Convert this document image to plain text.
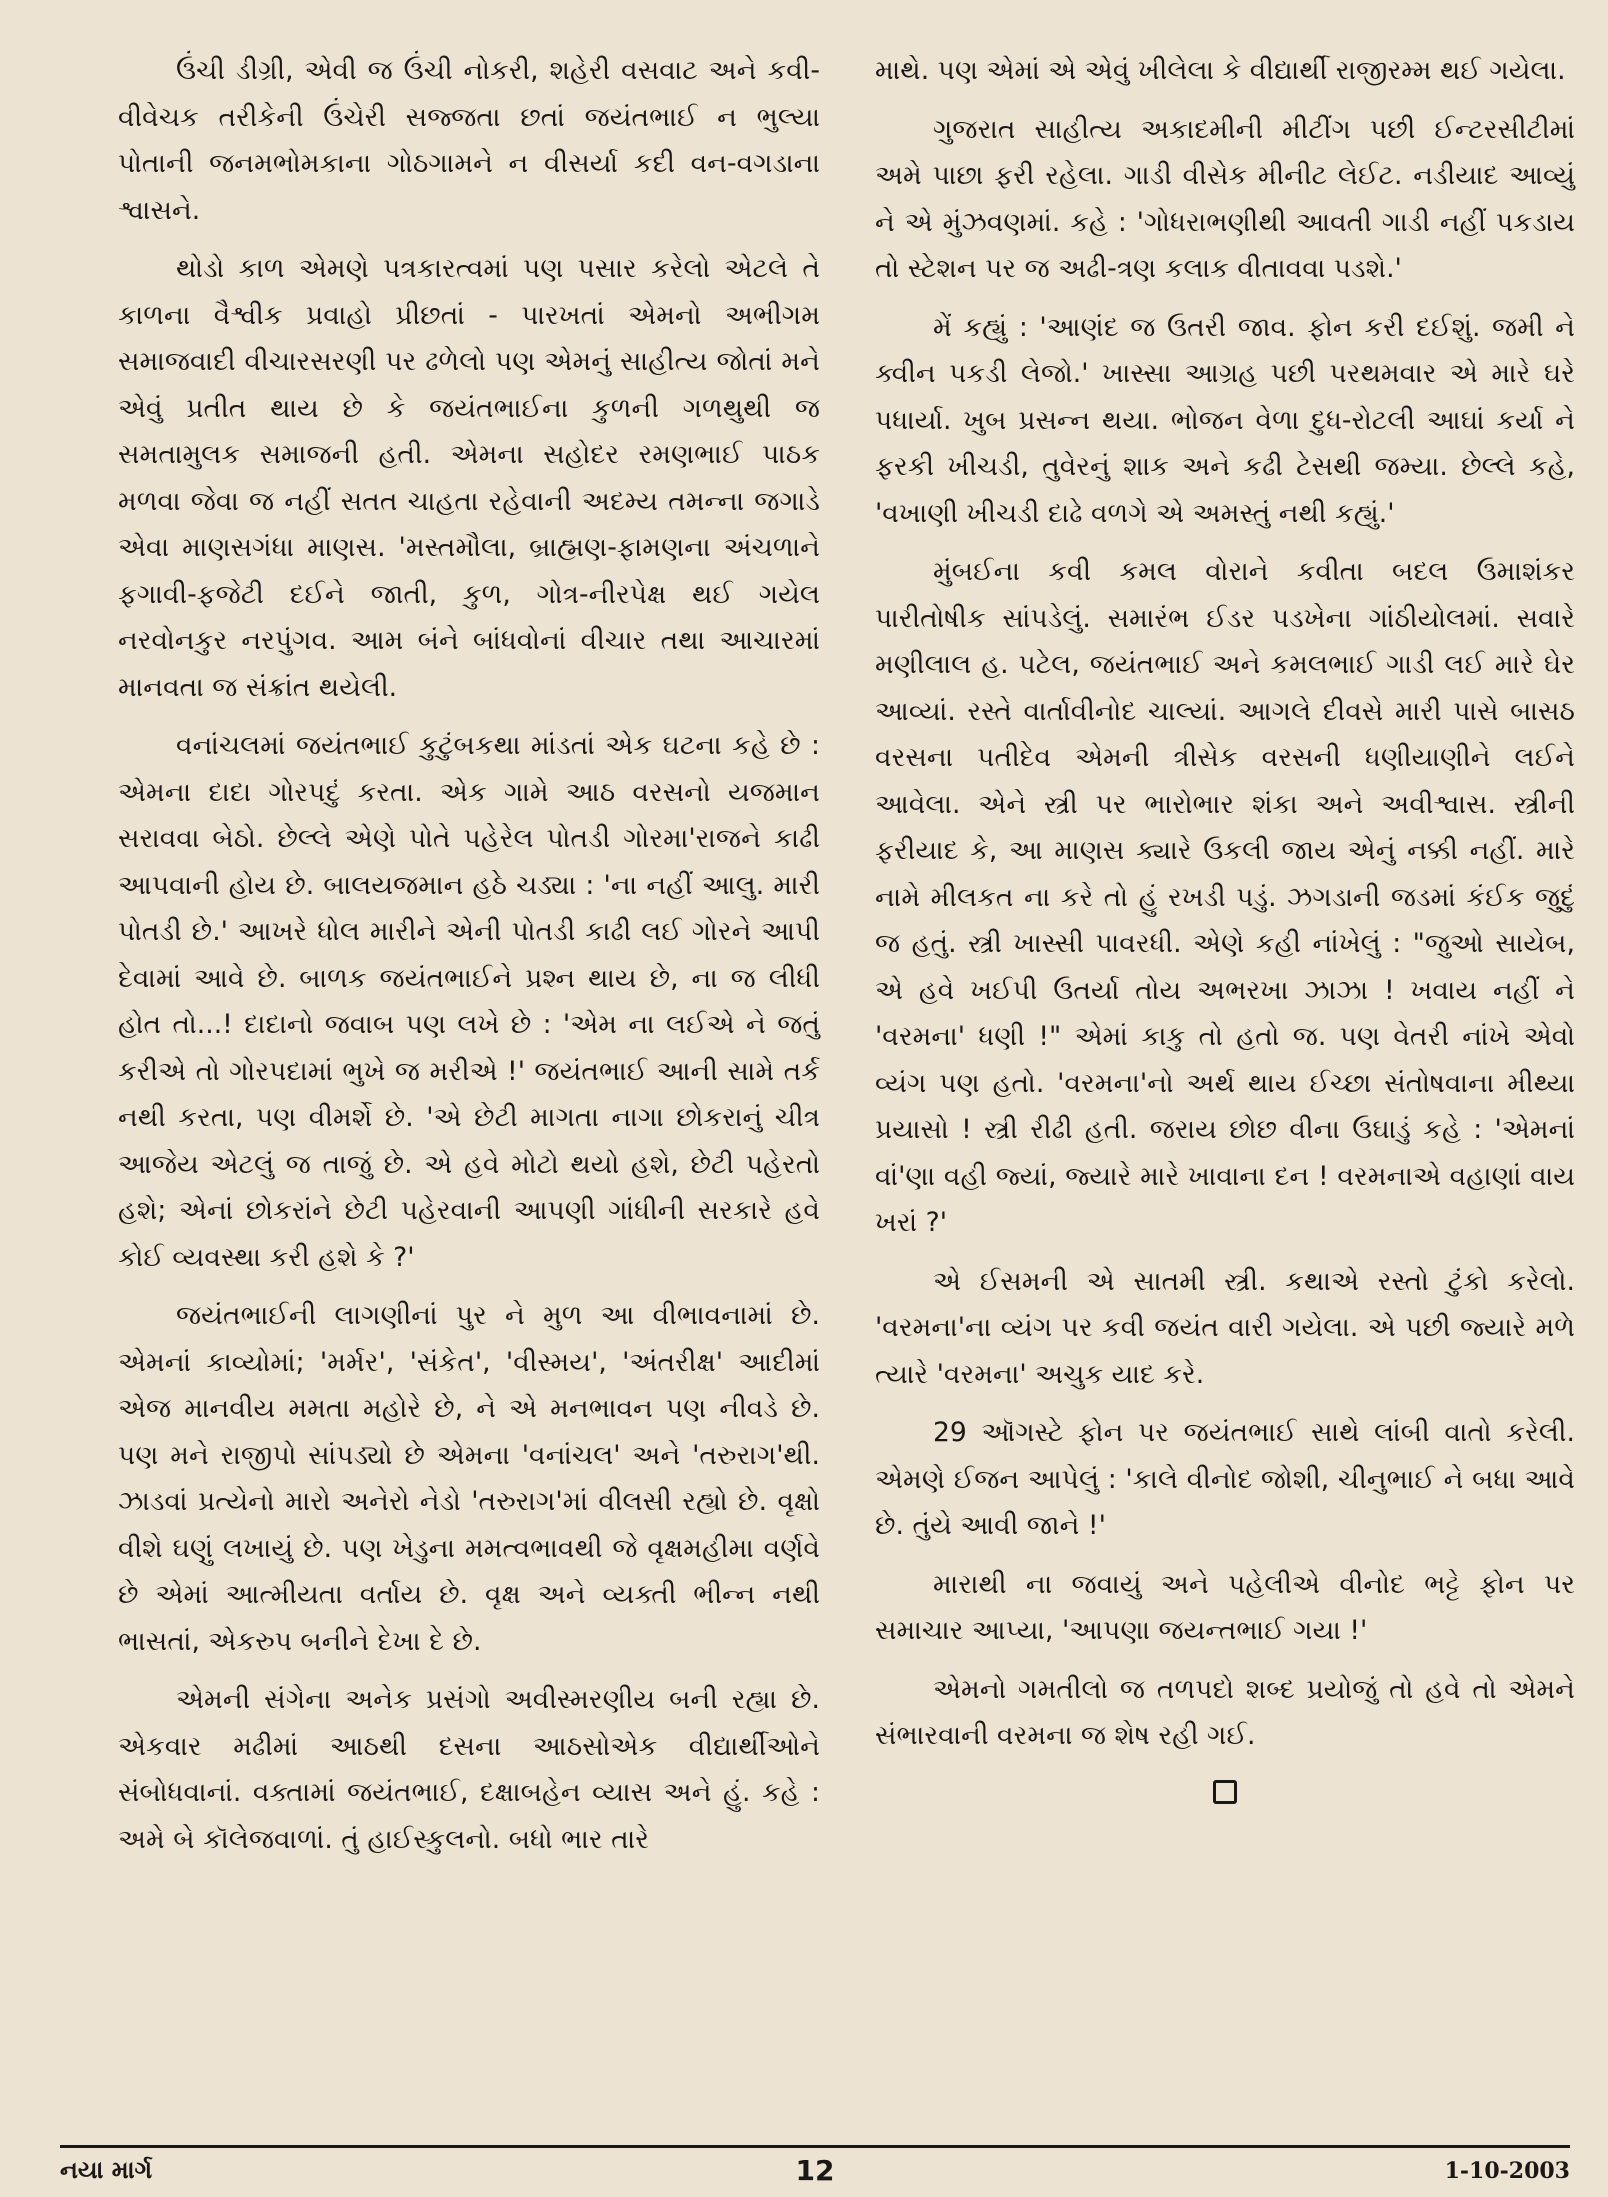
ઉંચી ડીગ્રી, એવી જ ઉંચી નોકરી, શહેરી વસવાટ અને કવી-વીવેચક તરીકેની ઉંચેરી સજ્જતા છતાં જયંતભાઈ ન ભુલ્યા પોતાની જનમભોમકાના ગોઠગામને ન વીસર્યા કદી વન-વગડાના શ્વાસને.

થોડો કાળ એમણે પત્રકારત્વમાં પણ પસાર કરેલો એટલે તે કાળના વૈશ્વીક પ્રવાહો પ્રીછતાં - પારખતાં એમનો અભીગમ સમાજવાદી વીચારસરણી પર ઢળેલો પણ એમનું સાહીત્ય જોતાં મને એવું પ્રતીત થાય છે કે જયંતભાઈના કુળની ગળથુથી જ સમતામુલક સમાજની હતી. એમના સહોદર રમણભાઈ પાઠક મળવા જેવા જ નહીં સતત ચાહતા રહેવાની અદમ્ય તમન્ના જગાડે એવા માણસગંધા માણસ. 'મસ્તમૌલા, બ્રાહ્મણ-ફામણના અંચળાને ફગાવી-ફજેટી દઈને જાતી, કુળ, ગોત્ર-નીરપેક્ષ થઈ ગયેલ નરવોનકુર નરપુંગવ. આમ બંને બાંધવોનાં વીચાર તથા આચારમાં માનવતા જ સંક્રાંત થયેલી.

વનાંચલમાં જયંતભાઈ કુટુંબકથા માંડતાં એક ઘટના કહે છે : એમના દાદા ગોરપદું કરતા. એક ગામે આઠ વરસનો યજમાન સરાવવા બેઠો. છેલ્લે એણે પોતે પહેરેલ પોતડી ગોરમા'રાજને કાઢી આપવાની હોય છે. બાલયજમાન હઠે ચડ્યા : 'ના નહીં આલુ. મારી પોતડી છે.' આખરે ધોલ મારીને એની પોતડી કાઢી લઈ ગોરને આપી દેવામાં આવે છે. બાળક જયંતભાઈને પ્રશ્ન થાય છે, ના જ લીધી હોત તો...! દાદાનો જવાબ પણ લખે છે : 'એમ ના લઈએ ને જતું કરીએ તો ગોરપદામાં ભુખે જ મરીએ !' જયંતભાઈ આની સામે તર્ક નથી કરતા, પણ વીમર્શે છે. 'એ છેટી માગતા નાગા છોકરાનું ચીત્ર આજેય એટલું જ તાજું છે. એ હવે મોટો થયો હશે, છેટી પહેરતો હશે; એનાં છોકરાંને છેટી પહેરવાની આપણી ગાંધીની સરકારે હવે કોઈ વ્યવસ્થા કરી હશે કે ?'

જયંતભાઈની લાગણીનાં પુર ને મુળ આ વીભાવનામાં છે. એમનાં કાવ્યોમાં; 'મર્મર', 'સંકેત', 'વીસ્મય', 'અંતરીક્ષ' આદીમાં એજ માનવીય મમતા મહોરે છે, ને એ મનભાવન પણ નીવડે છે. પણ મને રાજીપો સાંપડ્યો છે એમના 'વનાંચલ' અને 'તરુરાગ'થી. ઝાડવાં પ્રત્યેનો મારો અનેરો નેડો 'તરુરાગ'માં વીલસી રહ્યો છે. વૃક્ષો વીશે ઘણું લખાયું છે. પણ ખેડુના મમત્વભાવથી જે વૃક્ષમહીમા વર્ણવે છે એમાં આત્મીયતા વર્તાય છે. વૃક્ષ અને વ્યક્તી ભીન્ન નથી ભાસતાં, એકરુપ બનીને દેખા દે છે.

એમની સંગેના અનેક પ્રસંગો અવીસ્મરણીય બની રહ્યા છે. એકવાર મઢીમાં આઠથી દસના આઠસોએક વીદ્યાર્થીઓને સંબોધવાનાં. વક્તામાં જયંતભાઈ, દક્ષાબહેન વ્યાસ અને હું. કહે : અમે બે કૉલેજવાળાં. તું હાઈસ્કુલનો. બધો ભાર તારે

માથે. પણ એમાં એ એવું ખીલેલા કે વીદ્યાર્થી રાજીરમ્મ થઈ ગયેલા.

ગુજરાત સાહીત્ય અકાદમીની મીટીંગ પછી ઈન્ટરસીટીમાં અમે પાછા ફરી રહેલા. ગાડી વીસેક મીનીટ લેઈટ. નડીયાદ આવ્યું ને એ મુંઝવણમાં. કહે : 'ગોધરાભણીથી આવતી ગાડી નહીં પકડાય તો સ્ટેશન પર જ અઢી-ત્રણ કલાક વીતાવવા પડશે.'

મેં કહ્યું : 'આણંદ જ ઉતરી જાવ. ફોન કરી દઈશું. જમી ને ક્વીન પકડી લેજો.' ખાસ્સા આગ્રહ પછી પરથમવાર એ મારે ઘરે પધાર્યા. ખુબ પ્રસન્ન થયા. ભોજન વેળા દુધ-રોટલી આઘાં કર્યા ને ફરકી ખીચડી, તુવેરનું શાક અને કઢી ટેસથી જમ્યા. છેલ્લે કહે, 'વખાણી ખીચડી દાઢે વળગે એ અમસ્તું નથી કહ્યું.'

મુંબઈના કવી કમલ વોરાને કવીતા બદલ ઉમાશંકર પારીતોષીક સાંપડેલું. સમારંભ ઈડર પડખેના ગાંઠીયોલમાં. સવારે મણીલાલ હ. પટેલ, જયંતભાઈ અને કમલભાઈ ગાડી લઈ મારે ઘેર આવ્યાં. રસ્તે વાર્તાવીનોદ ચાલ્યાં. આગલે દીવસે મારી પાસે બાસઠ વરસના પતીદેવ એમની ત્રીસેક વરસની ધણીયાણીને લઈને આવેલા. એને સ્ત્રી પર ભારોભાર શંકા અને અવીશ્વાસ. સ્ત્રીની ફરીયાદ કે, આ માણસ ક્યારે ઉકલી જાય એનું નક્કી નહીં. મારે નામે મીલકત ના કરે તો હું રખડી પડું. ઝગડાની જડમાં કંઈક જુદું જ હતું. સ્ત્રી ખાસ્સી પાવરધી. એણે કહી નાંખેલું : "જુઓ સાયેબ, એ હવે ખઈપી ઉતર્યા તોય અભરખા ઝાઝા ! ખવાય નહીં ને 'વરમના' ધણી !" એમાં કાકુ તો હતો જ. પણ વેતરી નાંખે એવો વ્યંગ પણ હતો. 'વરમના'નો અર્થ થાય ઈચ્છા સંતોષવાના મીથ્યા પ્રયાસો ! સ્ત્રી રીઢી હતી. જરાય છોછ વીના ઉઘાડું કહે : 'એમનાં વાં'ણા વહી જ્યાં, જ્યારે મારે ખાવાના દન ! વરમનાએ વહાણાં વાય ખરાં ?'

એ ઈસમની એ સાતમી સ્ત્રી. કથાએ રસ્તો ટુંકો કરેલો. 'વરમના'ના વ્યંગ પર કવી જયંત વારી ગયેલા. એ પછી જ્યારે મળે ત્યારે 'વરમના' અચુક યાદ કરે.

29 ઑગસ્ટે ફોન પર જયંતભાઈ સાથે લાંબી વાતો કરેલી. એમણે ઈજન આપેલું : 'કાલે વીનોદ જોશી, ચીનુભાઈ ને બધા આવે છે. તુંયે આવી જાને !'

મારાથી ના જવાયું અને પહેલીએ વીનોદ ભટ્ટે ફોન પર સમાચાર આપ્યા, 'આપણા જયન્તભાઈ ગયા !'

એમનો ગમતીલો જ તળપદો શબ્દ પ્રયોજું તો હવે તો એમને સંભારવાની વરમના જ શેષ રહી ગઈ.

નયા માર્ગ	12	1-10-2003
